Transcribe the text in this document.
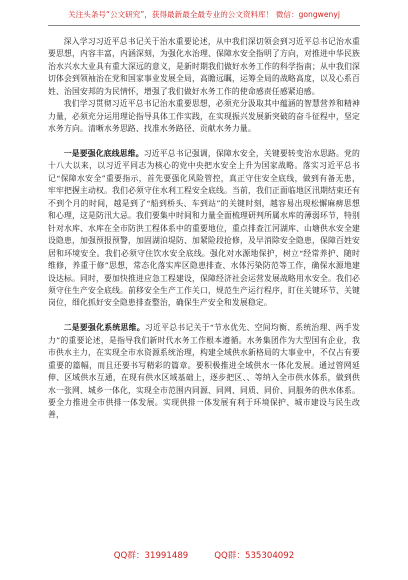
关注头条号“公文研究”，获得最新最全最专业的公文资料库！ 微信：gongwenyj

深入学习习近平总书记关于治水重要论述，从中我们深切领会到习近平总书记治水重要思想，内容丰富，内涵深刻，为强化水治理、保障水安全指明了方向，对推进中华民族治水兴水大业具有重大深远的意义，是新时期我们做好水务工作的科学指南；从中我们深切体会到领袖治在党和国家事业发展全局，高瞻远瞩，运筹全局的战略高度，以及心系百姓、治国安邦的为民情怀，增强了我们做好水务工作的使命感责任感紧迫感。

我们学习贯彻习近平总书记治水重要思想，必须充分汲取其中蕴涵的智慧营养和精神力量，必须充分运用理论指导具体工作实践，在实现振兴发展新突破的奋斗征程中，坚定水务方向。清晰水务思路、找准水务路径、贡献水务力量。

一是要强化底线思维。习近平总书记强调，保障水安全，关键要转变治水思路。党的十八大以来，以习近平同志为核心的党中央把水安全上升为国家战略。落实习近平总书记“保障水安全”重要指示，首先要强化风险管控，真正守住安全底线，做到有备无患，牢牢把握主动权。我们必须守住水利工程安全底线。当前，我们正面临地区汛期结束还有不到个月的时间，越是到了“船到桥头、车到站”的关键时刻，越容易出现松懈麻痹思想和心理，这是防汛大忌。我们要集中时间和力量全面梳理研判所属水库的薄弱环节，特别针对水库、水库在全市防洪工程体系中的重要地位，重点排查江河湖库、山塘供水安全建设隐患，加强预报预警，加固湖泊堤防、加紧险段抢修，及早消除安全隐患，保障百姓安居和环境安全。我们必须守住饮水安全底线。强化对水源地保护，树立“经常养护、随时维修，养重于修”思想，常态化落实库区隐患排查、水体污染防范等工作，确保水源地建设达标。同时，要加快推进应急工程建设，保障经济社会运营发展战略用水安全。我们必须守住生产安全底线。前移安全生产工作关口，规范生产运行程序，盯住关键环节、关键岗位，细化抓好安全隐患排查整治，确保生产安全和发展稳定。

二是要强化系统思维。习近平总书记关于“节水优先、空间均衡、系统治理、两手发力”的重要论述，是指导我们新时代水务工作根本遵循。水务集团作为大型国有企业，我市供水主力，在实现全市水资源系统治理，构建全域供水新格局的大事业中，不仅占有要重要的篇幅，而且还要书写精彩的篇章。要积极推进全域供水一体化发展。通过管网延伸、区域供水互通，在现有供水区域基础上，逐步把区、、等纳入全市供水体系，做到供水一张网、城乡一体化，实现全市范围内同源、同网、同质、同价、同服务的供水体系。要全力推进全市供排一体发展。实现供排一体发展有利于环境保护、城市建设与民生改善，

QQ群：31991489	QQ群：535304092
